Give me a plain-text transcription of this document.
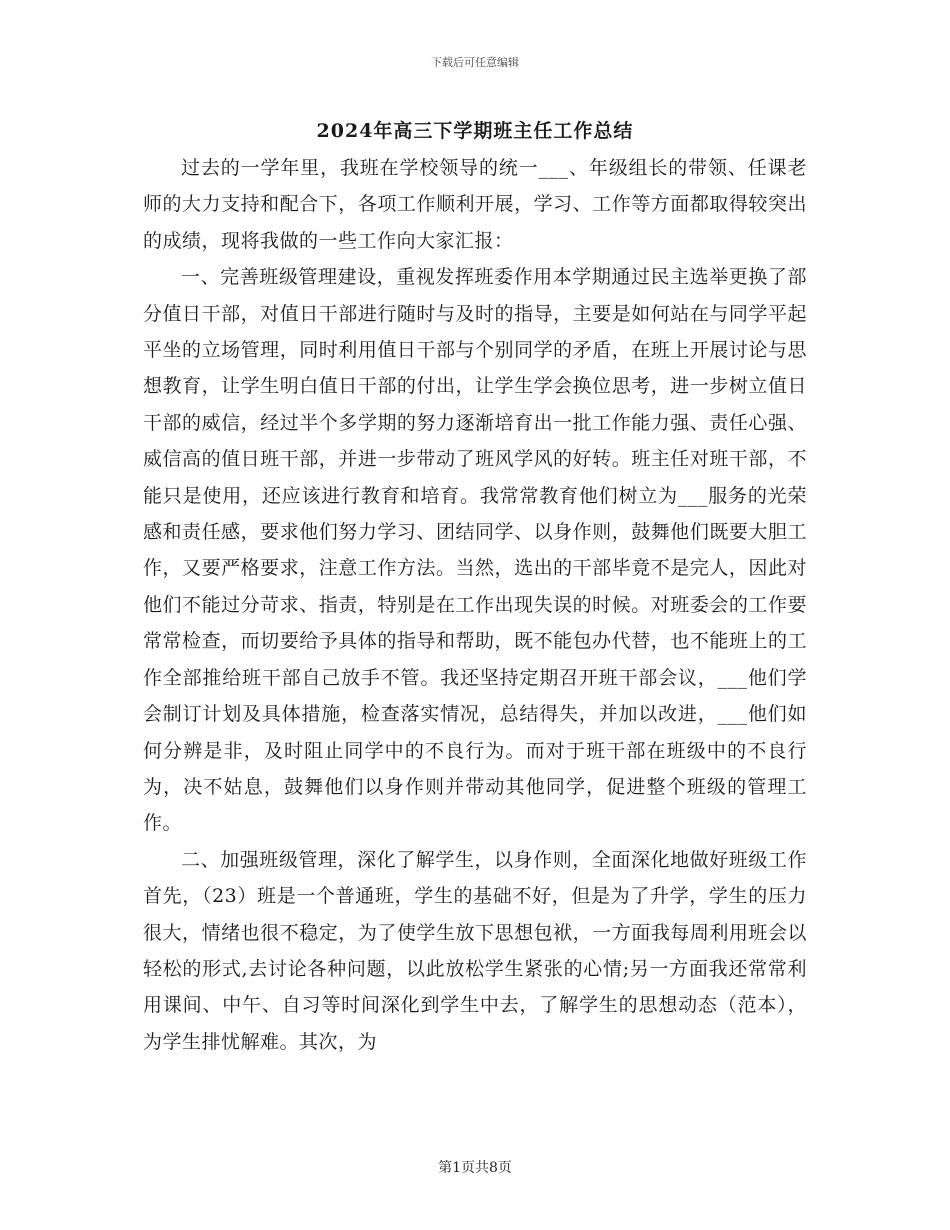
下载后可任意编辑
2024年高三下学期班主任工作总结

过去的一学年里，我班在学校领导的统一___、年级组长的带领、任课老师的大力支持和配合下，各项工作顺利开展，学习、工作等方面都取得较突出的成绩，现将我做的一些工作向大家汇报：

一、完善班级管理建设，重视发挥班委作用本学期通过民主选举更换了部分值日干部，对值日干部进行随时与及时的指导，主要是如何站在与同学平起平坐的立场管理，同时利用值日干部与个别同学的矛盾，在班上开展讨论与思想教育，让学生明白值日干部的付出，让学生学会换位思考，进一步树立值日干部的威信，经过半个多学期的努力逐渐培育出一批工作能力强、责任心强、威信高的值日班干部，并进一步带动了班风学风的好转。班主任对班干部，不能只是使用，还应该进行教育和培育。我常常教育他们树立为___服务的光荣感和责任感，要求他们努力学习、团结同学、以身作则，鼓舞他们既要大胆工作，又要严格要求，注意工作方法。当然，选出的干部毕竟不是完人，因此对他们不能过分苛求、指责，特别是在工作出现失误的时候。对班委会的工作要常常检查，而切要给予具体的指导和帮助，既不能包办代替，也不能班上的工作全部推给班干部自己放手不管。我还坚持定期召开班干部会议，___他们学会制订计划及具体措施，检查落实情况，总结得失，并加以改进，___他们如何分辨是非，及时阻止同学中的不良行为。而对于班干部在班级中的不良行为，决不姑息，鼓舞他们以身作则并带动其他同学，促进整个班级的管理工作。

二、加强班级管理，深化了解学生，以身作则，全面深化地做好班级工作首先，（23）班是一个普通班，学生的基础不好，但是为了升学，学生的压力很大，情绪也很不稳定，为了使学生放下思想包袱，一方面我每周利用班会以轻松的形式,去讨论各种问题，以此放松学生紧张的心情;另一方面我还常常利用课间、中午、自习等时间深化到学生中去，了解学生的思想动态（范本），为学生排忧解难。其次，为

第1页共8页
